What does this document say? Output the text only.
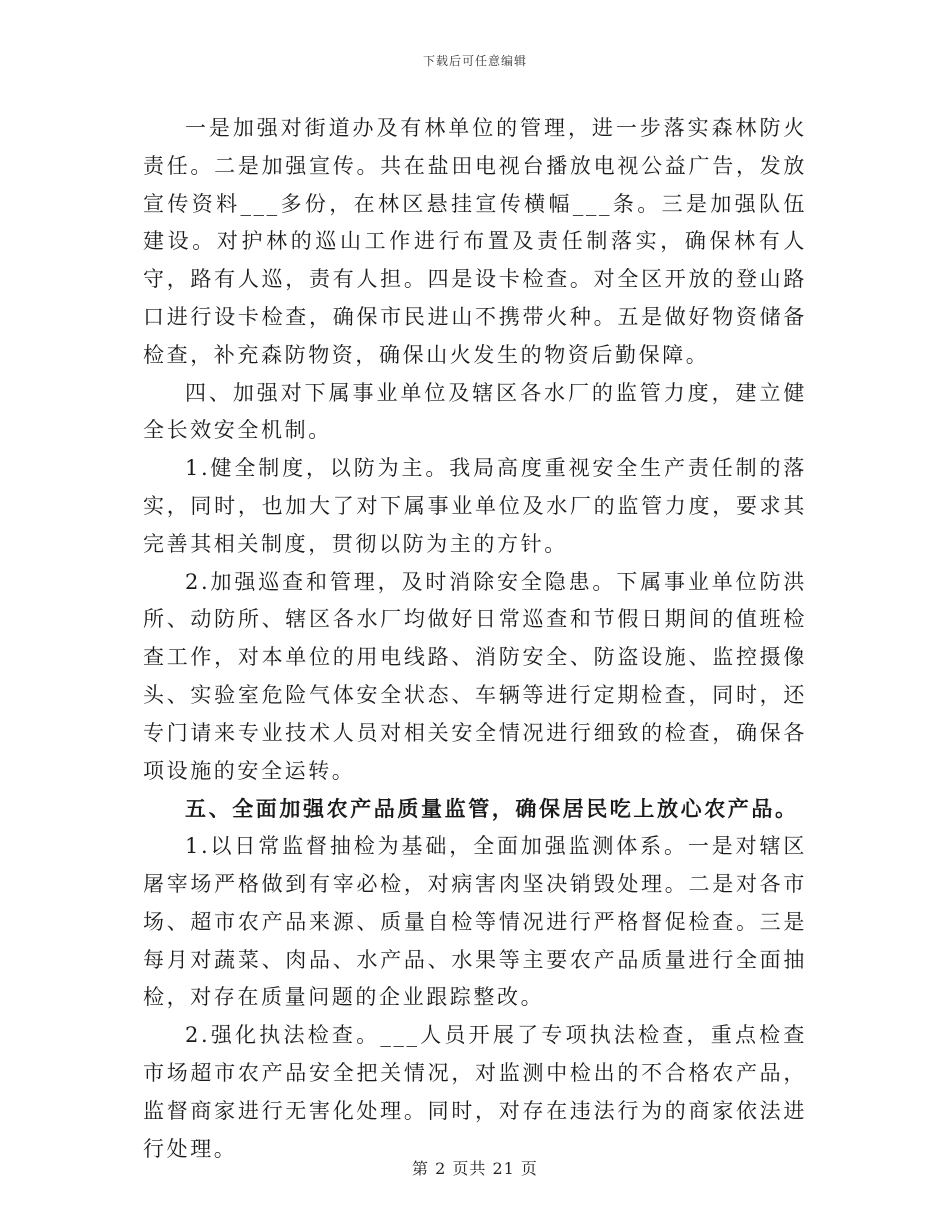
下载后可任意编辑

一是加强对街道办及有林单位的管理，进一步落实森林防火责任。二是加强宣传。共在盐田电视台播放电视公益广告，发放宣传资料___多份，在林区悬挂宣传横幅___条。三是加强队伍建设。对护林的巡山工作进行布置及责任制落实，确保林有人守，路有人巡，责有人担。四是设卡检查。对全区开放的登山路口进行设卡检查，确保市民进山不携带火种。五是做好物资储备检查，补充森防物资，确保山火发生的物资后勤保障。

四、加强对下属事业单位及辖区各水厂的监管力度，建立健全长效安全机制。

1.健全制度，以防为主。我局高度重视安全生产责任制的落实，同时，也加大了对下属事业单位及水厂的监管力度，要求其完善其相关制度，贯彻以防为主的方针。

2.加强巡查和管理，及时消除安全隐患。下属事业单位防洪所、动防所、辖区各水厂均做好日常巡查和节假日期间的值班检查工作，对本单位的用电线路、消防安全、防盗设施、监控摄像头、实验室危险气体安全状态、车辆等进行定期检查，同时，还专门请来专业技术人员对相关安全情况进行细致的检查，确保各项设施的安全运转。

五、全面加强农产品质量监管，确保居民吃上放心农产品。

1.以日常监督抽检为基础，全面加强监测体系。一是对辖区屠宰场严格做到有宰必检，对病害肉坚决销毁处理。二是对各市场、超市农产品来源、质量自检等情况进行严格督促检查。三是每月对蔬菜、肉品、水产品、水果等主要农产品质量进行全面抽检，对存在质量问题的企业跟踪整改。

2.强化执法检查。___人员开展了专项执法检查，重点检查市场超市农产品安全把关情况，对监测中检出的不合格农产品，监督商家进行无害化处理。同时，对存在违法行为的商家依法进行处理。

第 2 页共 21 页
